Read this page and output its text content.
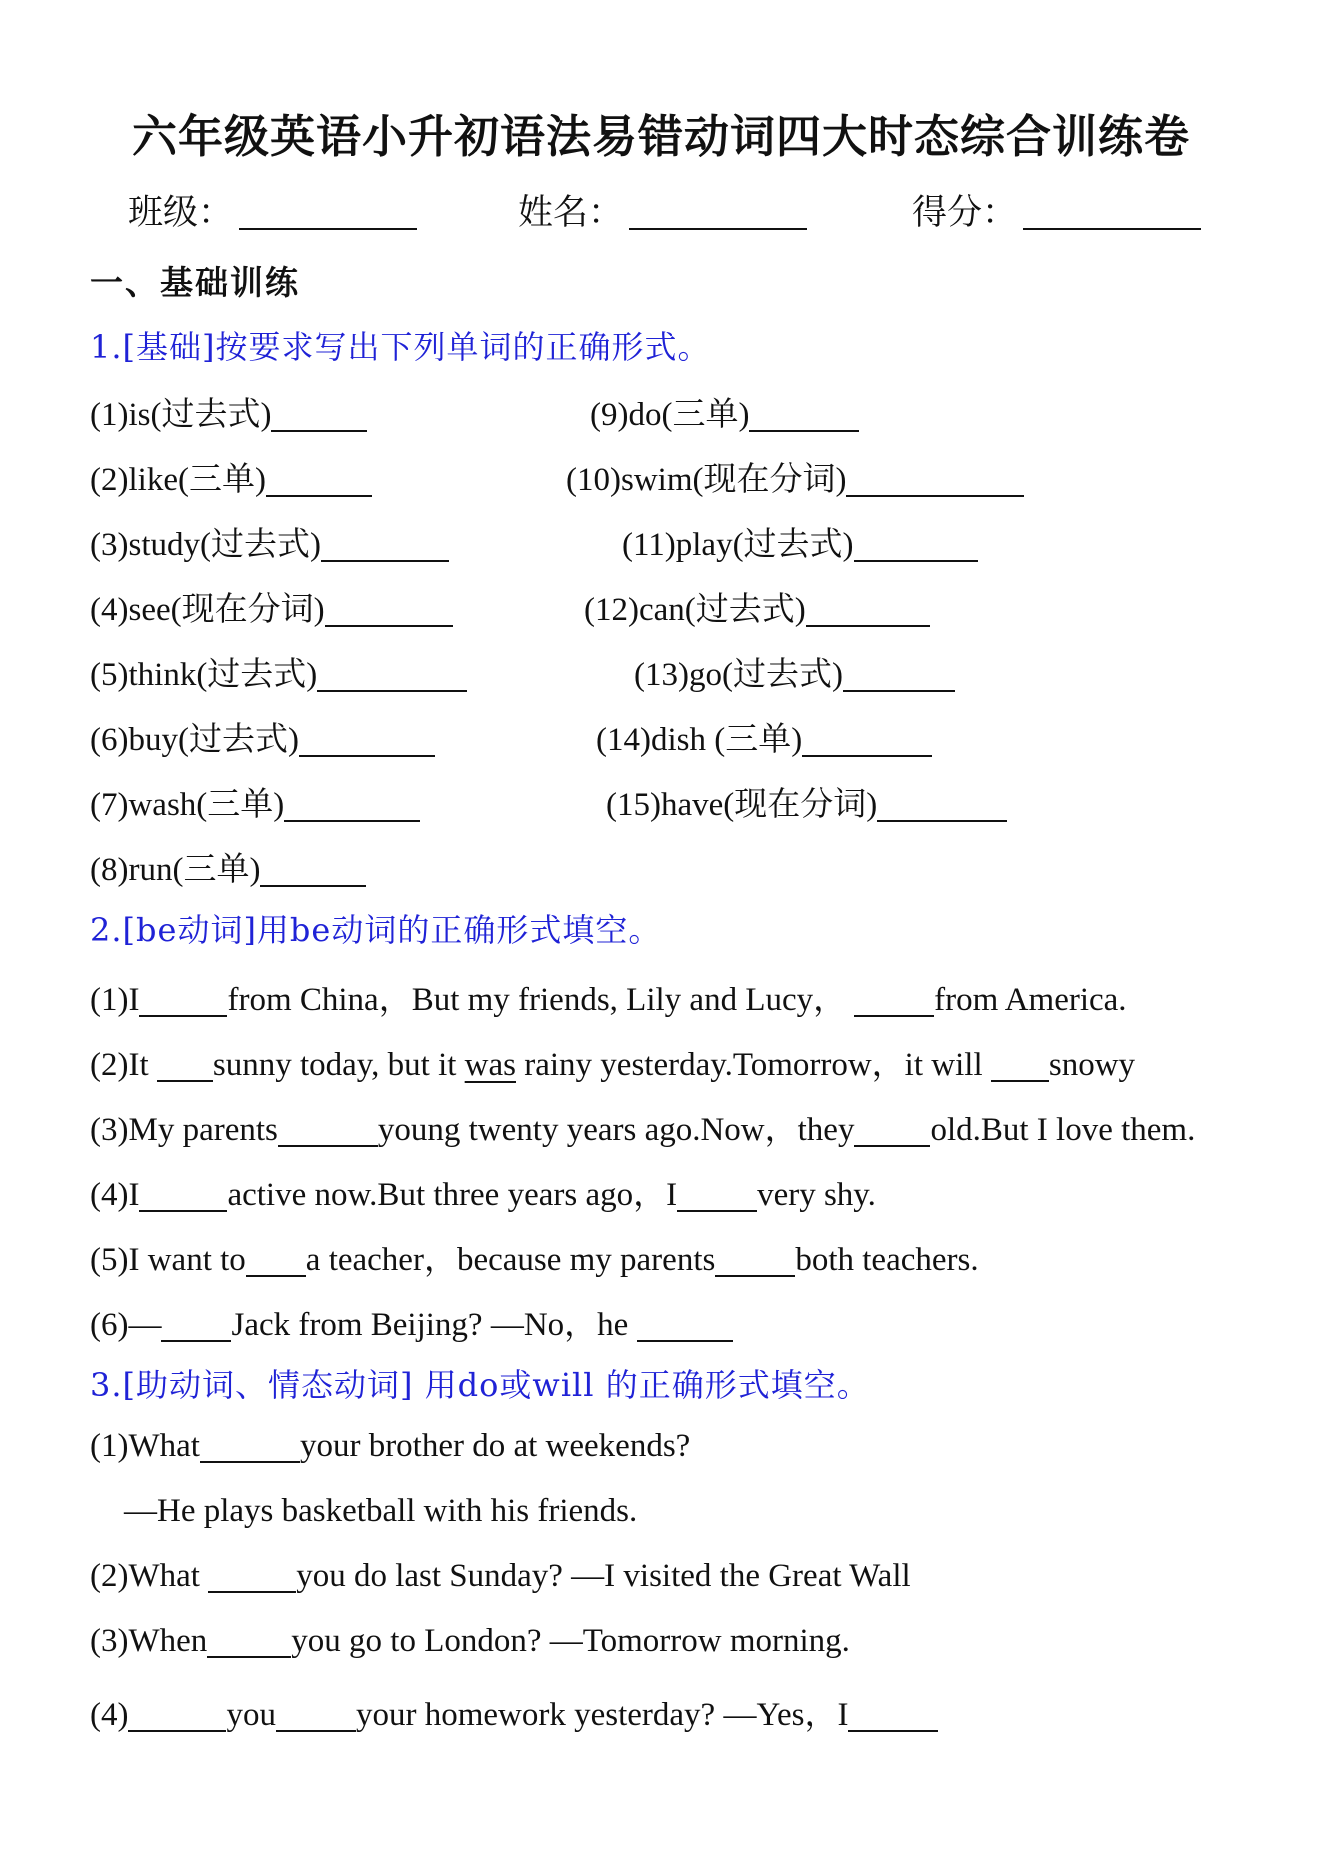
六年级英语小升初语法易错动词四大时态综合训练卷
班级：	姓名：	得分：
一、基础训练
1.[基础]按要求写出下列单词的正确形式。
(1)is(过去式)
(2)like(三单)
(3)study(过去式)
(4)see(现在分词)
(5)think(过去式)
(6)buy(过去式)
(7)wash(三单)
(8)run(三单)
(9)do(三单)
(10)swim(现在分词)
(11)play(过去式)
(12)can(过去式)
(13)go(过去式)
(14)dish (三单)
(15)have(现在分词)
2.[be动词]用be动词的正确形式填空。
(1)I	from China，But my friends, Lily and Lucy，	from America.
(2)It sunny today, but it was rainy yesterday.Tomorrow，it will snowy
(3)My parents	young twenty years ago.Now，they old.But I love them.
(4)I	active now.But three years ago，I very shy.
(5)I want to a teacher，because my parents both teachers.
(6)— Jack from Beijing? —No，he
3.[助动词、情态动词] 用do或will 的正确形式填空。
(1)What	your brother do at weekends?
—He plays basketball with his friends.
(2)What	you do last Sunday? —I visited the Great Wall
(3)When	you go to London? —Tomorrow morning.
(4)	you your homework yesterday? —Yes，I
